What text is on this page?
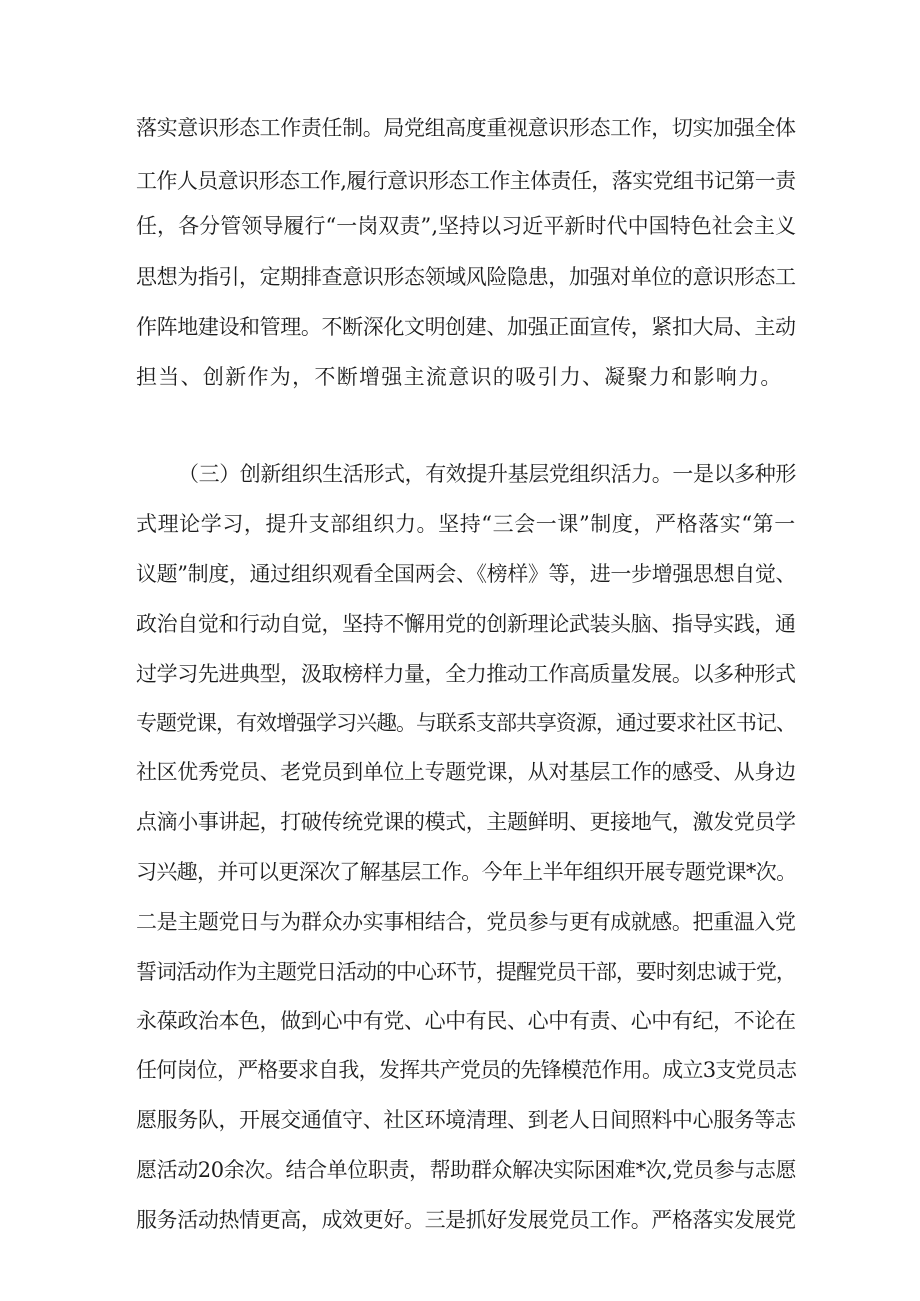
落实意识形态工作责任制。局党组高度重视意识形态工作，切实加强全体
工作人员意识形态工作,履行意识形态工作主体责任，落实党组书记第一责
任，各分管领导履行“一岗双责”,坚持以习近平新时代中国特色社会主义
思想为指引，定期排查意识形态领域风险隐患，加强对单位的意识形态工
作阵地建设和管理。不断深化文明创建、加强正面宣传，紧扣大局、主动
担当、创新作为，不断增强主流意识的吸引力、凝聚力和影响力。
（三）创新组织生活形式，有效提升基层党组织活力。一是以多种形
式理论学习，提升支部组织力。坚持“三会一课”制度，严格落实“第一
议题”制度，通过组织观看全国两会、《榜样》等，进一步增强思想自觉、
政治自觉和行动自觉，坚持不懈用党的创新理论武装头脑、指导实践，通
过学习先进典型，汲取榜样力量，全力推动工作高质量发展。以多种形式
专题党课，有效增强学习兴趣。与联系支部共享资源，通过要求社区书记、
社区优秀党员、老党员到单位上专题党课，从对基层工作的感受、从身边
点滴小事讲起，打破传统党课的模式，主题鲜明、更接地气，激发党员学
习兴趣，并可以更深次了解基层工作。今年上半年组织开展专题党课*次。
二是主题党日与为群众办实事相结合，党员参与更有成就感。把重温入党
誓词活动作为主题党日活动的中心环节，提醒党员干部，要时刻忠诚于党，
永葆政治本色，做到心中有党、心中有民、心中有责、心中有纪，不论在
任何岗位，严格要求自我，发挥共产党员的先锋模范作用。成立3支党员志
愿服务队，开展交通值守、社区环境清理、到老人日间照料中心服务等志
愿活动20余次。结合单位职责，帮助群众解决实际困难*次,党员参与志愿
服务活动热情更高，成效更好。三是抓好发展党员工作。严格落实发展党
